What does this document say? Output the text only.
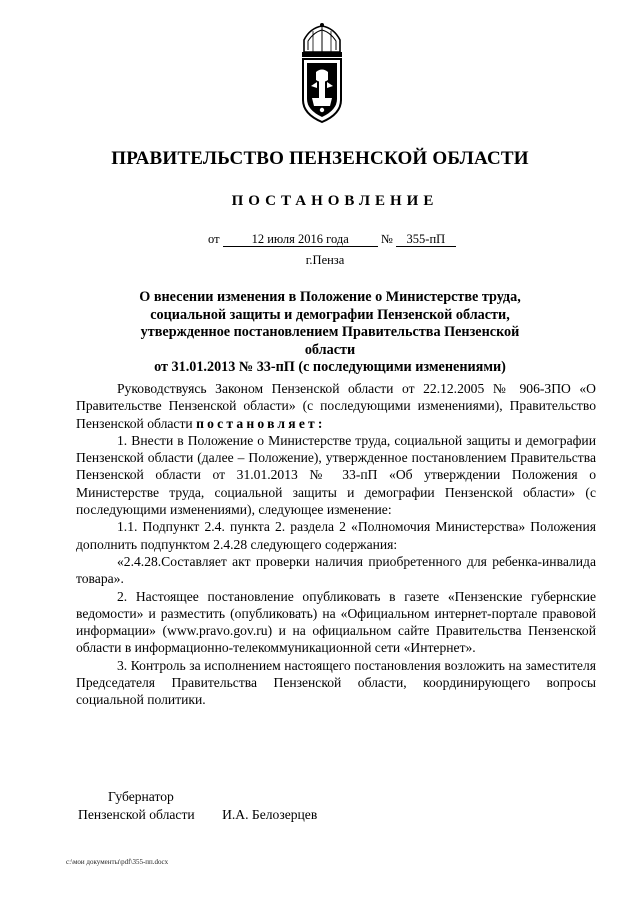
ПРАВИТЕЛЬСТВО ПЕНЗЕНСКОЙ ОБЛАСТИ
ПОСТАНОВЛЕНИЕ
от	12 июля 2016 года	№ 355-пП
г.Пенза
О внесении изменения в Положение о Министерстве труда,
социальной защиты и демографии Пензенской области,
утвержденное постановлением Правительства Пензенской области
от 31.01.2013 № 33-пП (с последующими изменениями)

Руководствуясь Законом Пензенской области от 22.12.2005 № 906-ЗПО «О Правительстве Пензенской области» (с последующими изменениями), Правительство Пензенской области постановляет:

1. Внести в Положение о Министерстве труда, социальной защиты и демографии Пензенской области (далее – Положение), утвержденное постановлением Правительства Пензенской области от 31.01.2013 № 33-пП «Об утверждении Положения о Министерстве труда, социальной защиты и демографии Пензенской области» (с последующими изменениями), следующее изменение:

1.1. Подпункт 2.4. пункта 2. раздела 2 «Полномочия Министерства» Положения дополнить подпунктом 2.4.28 следующего содержания:

«2.4.28.Составляет акт проверки наличия приобретенного для ребенка-инвалида товара».

2. Настоящее постановление опубликовать в газете «Пензенские губернские ведомости» и разместить (опубликовать) на «Официальном интернет-портале правовой информации» (www.pravo.gov.ru) и на официальном сайте Правительства Пензенской области в информационно-телекоммуникационной сети «Интернет».

3. Контроль за исполнением настоящего постановления возложить на заместителя Председателя Правительства Пензенской области, координирующего вопросы социальной политики.

Губернатор
Пензенской области И.А. Белозерцев
c:\мои документы\pdf\355-пп.docx
